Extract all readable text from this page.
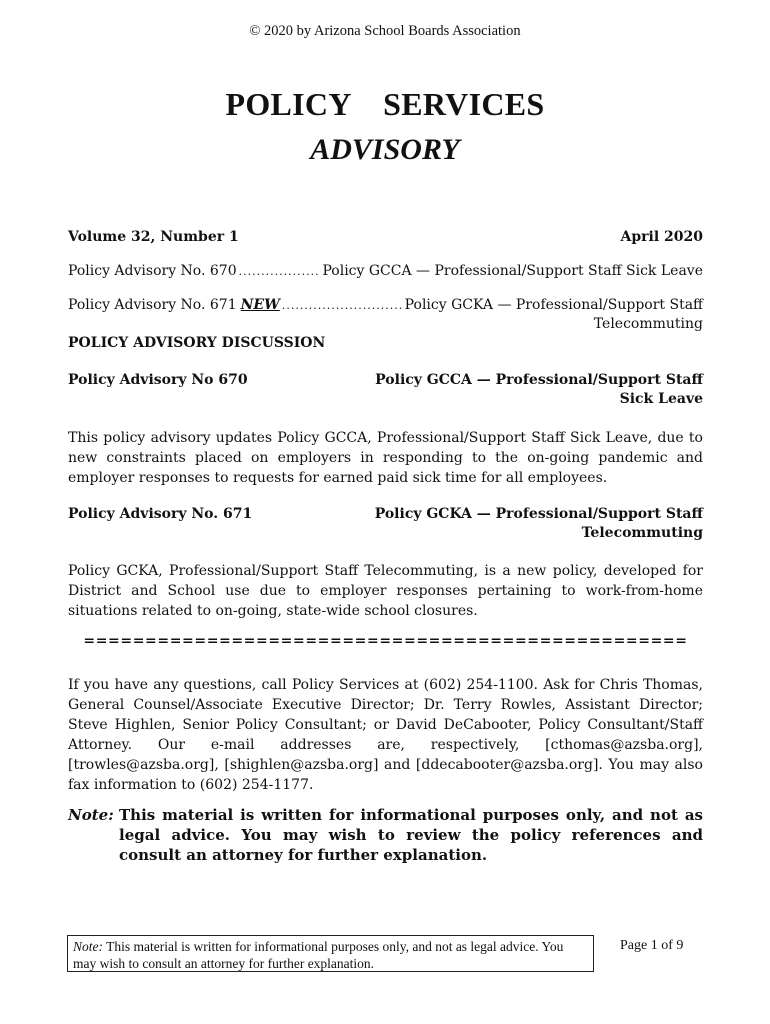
© 2020 by Arizona School Boards Association
POLICY  SERVICES
ADVISORY
Volume 32, Number 1	April 2020
Policy Advisory No. 670 .....	Policy GCCA — Professional/Support Staff Sick Leave
Policy Advisory No. 671 NEW .....	Policy GCKA — Professional/Support Staff
Telecommuting
POLICY ADVISORY DISCUSSION
Policy Advisory No 670	Policy GCCA — Professional/Support Staff
Sick Leave
This policy advisory updates Policy GCCA, Professional/Support Staff Sick Leave, due to new constraints placed on employers in responding to the on-going pandemic and employer responses to requests for earned paid sick time for all employees.
Policy Advisory No. 671	Policy GCKA — Professional/Support Staff
Telecommuting
Policy GCKA, Professional/Support Staff Telecommuting, is a new policy, developed for District and School use due to employer responses pertaining to work-from-home situations related to on-going, state-wide school closures.
=================================================
If you have any questions, call Policy Services at (602) 254-1100. Ask for Chris Thomas, General Counsel/Associate Executive Director; Dr. Terry Rowles, Assistant Director; Steve Highlen, Senior Policy Consultant; or David DeCabooter, Policy Consultant/Staff Attorney. Our e-mail addresses are, respectively, [cthomas@azsba.org], [trowles@azsba.org], [shighlen@azsba.org] and [ddecabooter@azsba.org]. You may also fax information to (602) 254-1177.
Note: This material is written for informational purposes only, and not as legal advice. You may wish to review the policy references and consult an attorney for further explanation.
Note: This material is written for informational purposes only, and not as legal advice. You may wish to consult an attorney for further explanation.
Page 1 of 9
